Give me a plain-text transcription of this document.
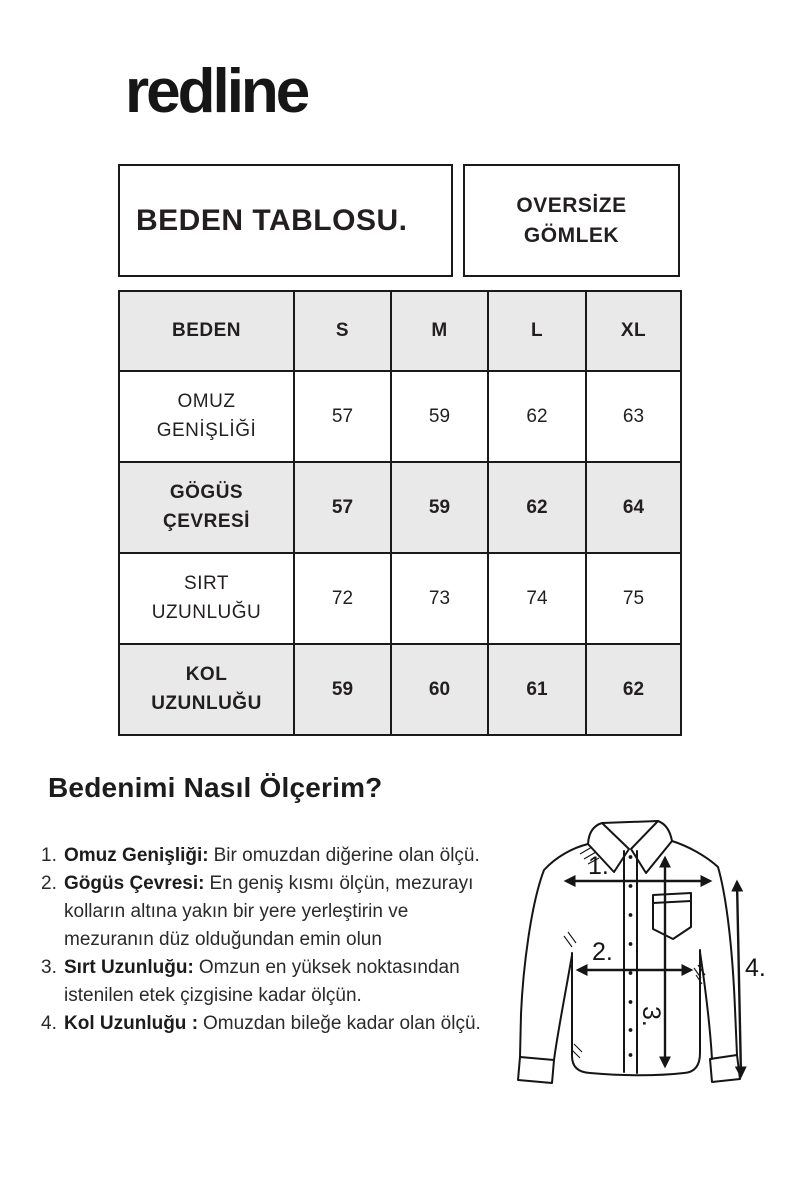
redline
BEDEN TABLOSU.	OVERSİZE
GÖMLEK
BEDEN	S	M	L	XL

OMUZ
GENİŞLİĞİ	57	59	62	63

GÖGÜS
ÇEVRESİ	57	59	62	64

SIRT
UZUNLUĞU	72	73	74	75

KOL
UZUNLUĞU	59	60	61	62
Bedenimi Nasıl Ölçerim?
1. Omuz Genişliği: Bir omuzdan diğerine olan ölçü.

2. Gögüs Çevresi: En geniş kısmı ölçün, mezurayı kolların altına yakın bir yere yerleştirin ve mezuranın düz olduğundan emin olun

3. Sırt Uzunluğu: Omzun en yüksek noktasından istenilen etek çizgisine kadar ölçün.

4. Kol Uzunluğu : Omuzdan bileğe kadar olan ölçü.

1.
2.
3.
4.
